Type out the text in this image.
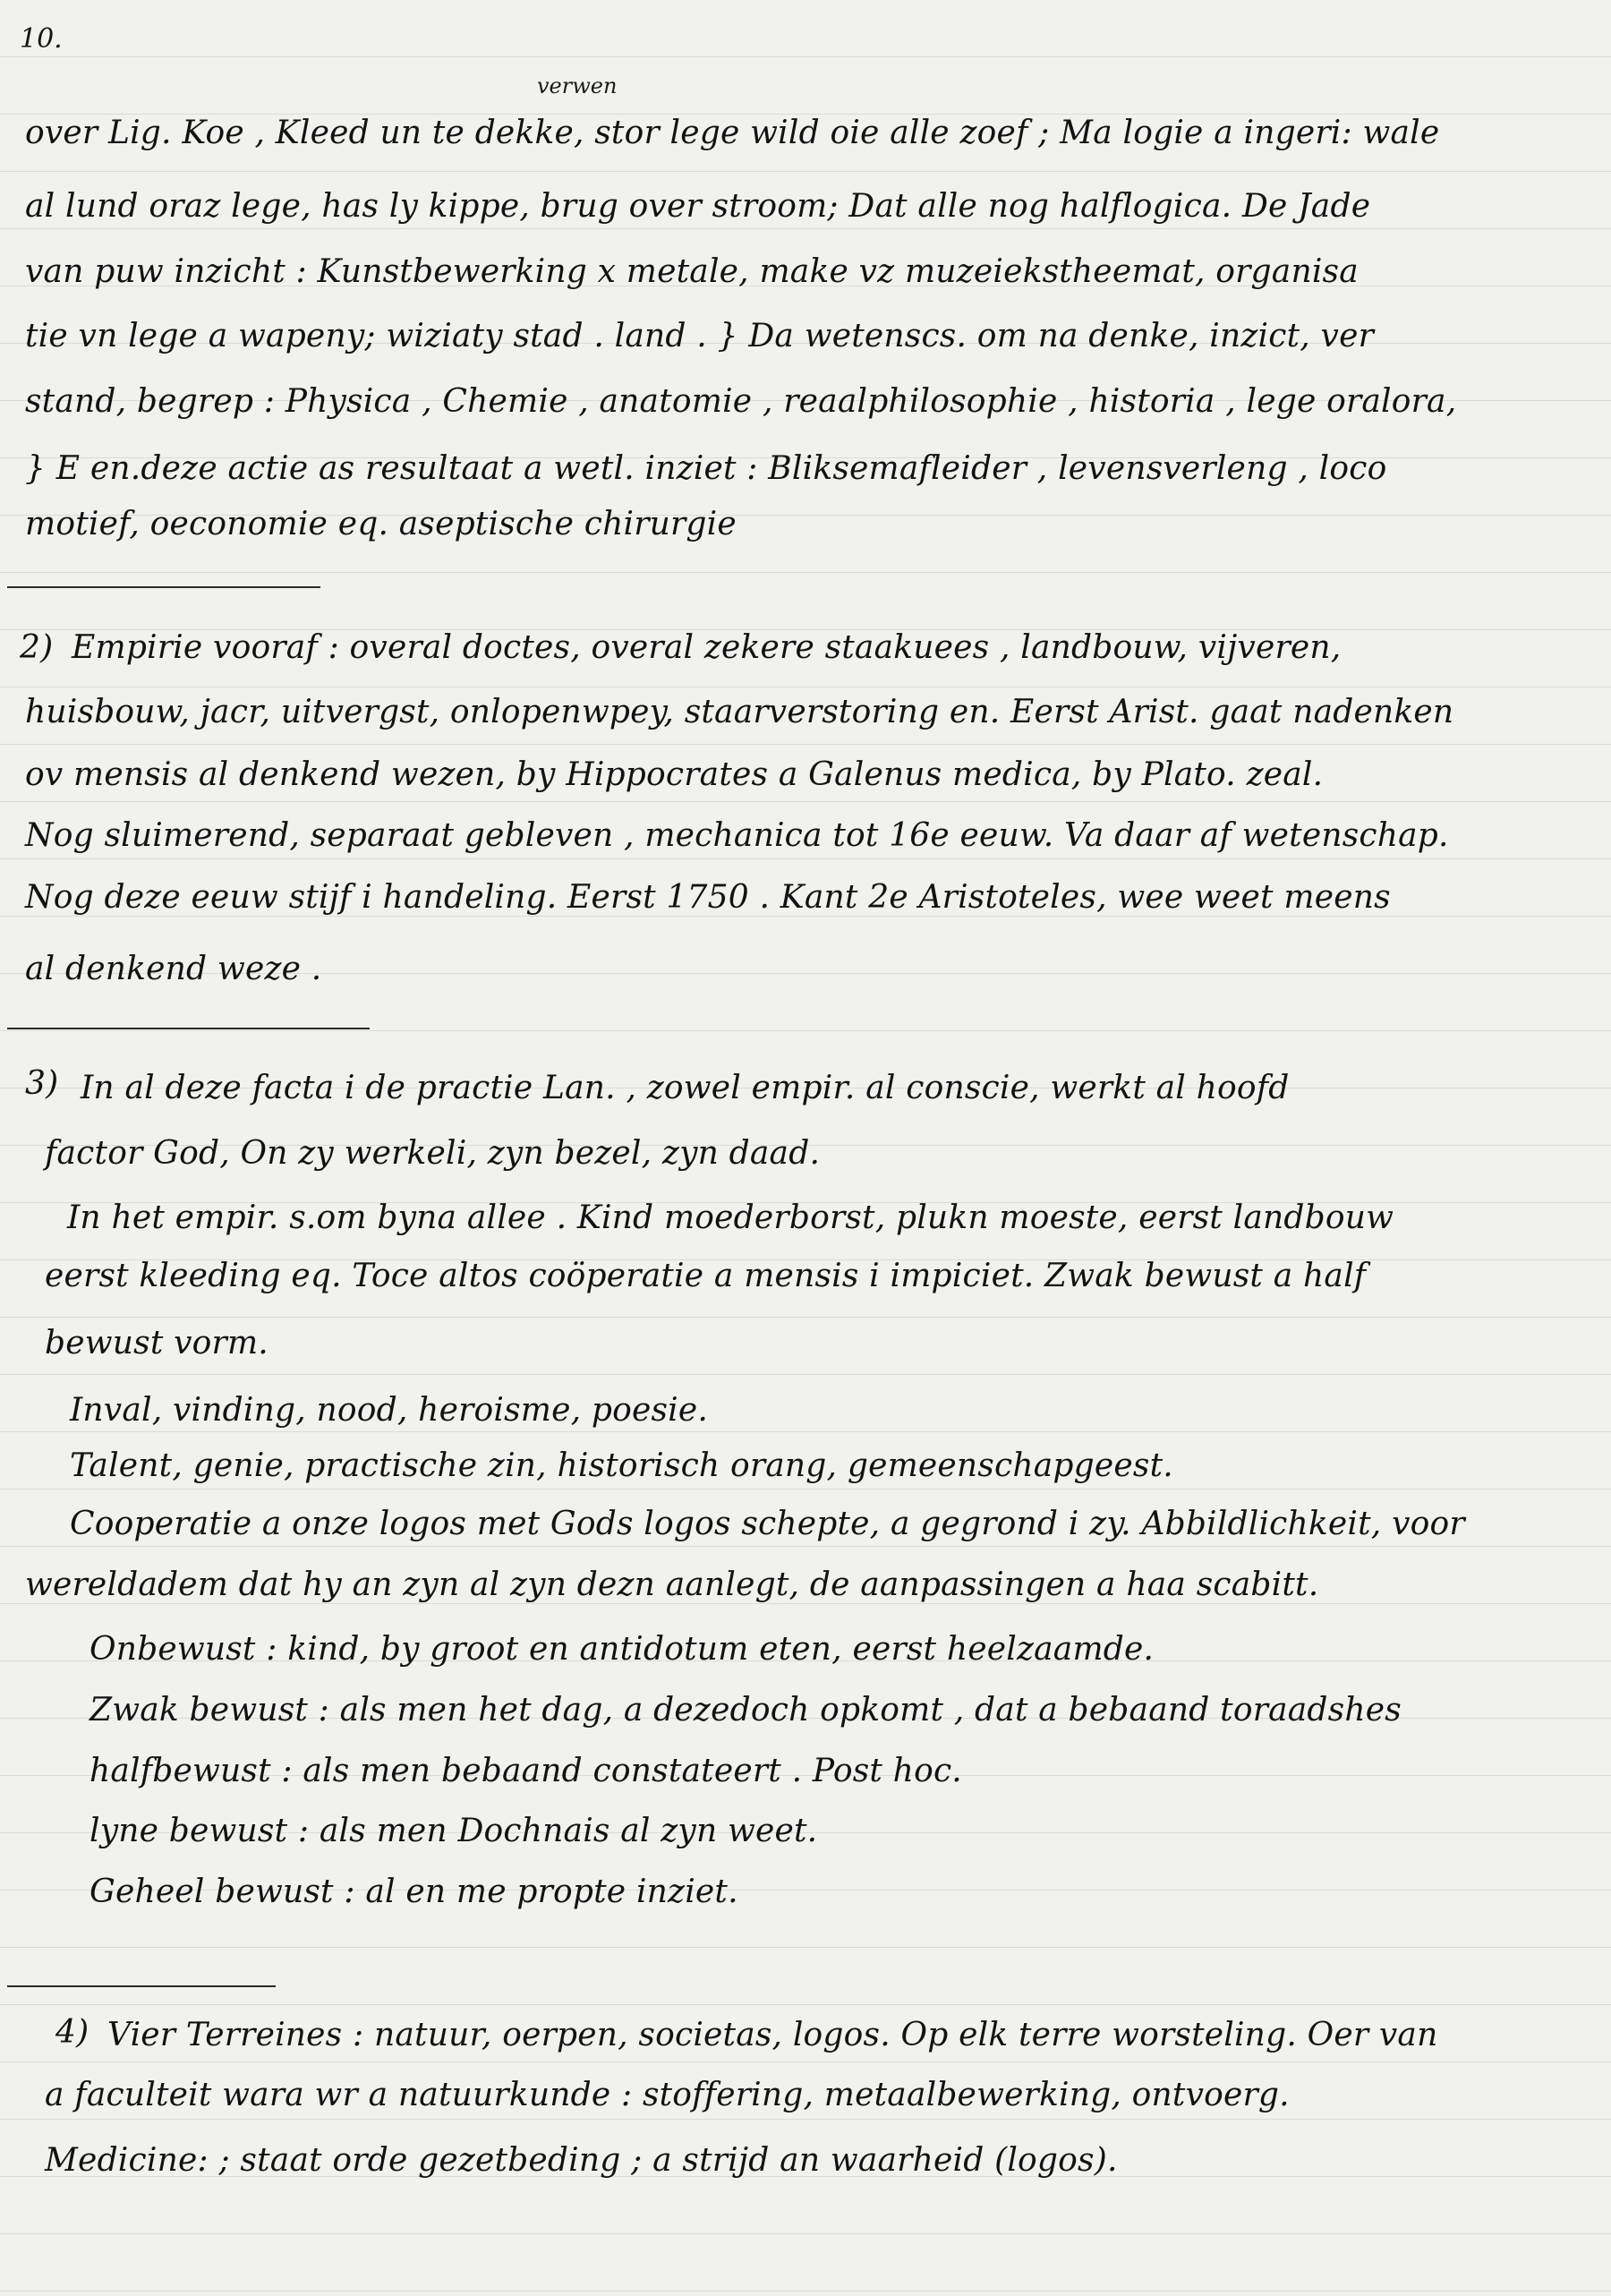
10.
verwen
over Lig. Koe , Kleed un te dekke, stor lege wild oie alle zoef ; Ma logie a ingeri: wale
al lund oraz lege, has ly kippe, brug over stroom; Dat alle nog halflogica. De Jade
van puw inzicht : Kunstbewerking x metale, make vz muzeiekstheemat, organisa
tie vn lege a wapeny; wiziaty stad . land . } Da wetenscs. om na denke, inzict, ver
stand, begrep : Physica , Chemie , anatomie , reaalphilosophie , historia , lege oralora,
} E en.deze actie as resultaat a wetl. inziet : Bliksemafleider , levensverleng , loco
motief, oeconomie eq. aseptische chirurgie
2) Empirie vooraf : overal doctes, overal zekere staakuees , landbouw, vijveren,
huisbouw, jacr, uitvergst, onlopenwpey, staarverstoring en. Eerst Arist. gaat nadenken
ov mensis al denkend wezen, by Hippocrates a Galenus medica, by Plato. zeal.
Nog sluimerend, separaat gebleven , mechanica tot 16e eeuw. Va daar af wetenschap.
Nog deze eeuw stijf i handeling. Eerst 1750 . Kant 2e Aristoteles, wee weet meens
al denkend weze .
3) In al deze facta i de practie Lan. , zowel empir. al conscie, werkt al hoofd
factor God, On zy werkeli, zyn bezel, zyn daad.
In het empir. s.om byna allee . Kind moederborst, plukn moeste, eerst landbouw
eerst kleeding eq. Toce altos coöperatie a mensis i impiciet. Zwak bewust a half
bewust vorm.
Inval, vinding, nood, heroisme, poesie.
Talent, genie, practische zin, historisch orang, gemeenschapgeest.
Cooperatie a onze logos met Gods logos schepte, a gegrond i zy. Abbildlichkeit, voor
wereldadem dat hy an zyn al zyn dezn aanlegt, de aanpassingen a haa scabitt.
Onbewust : kind, by groot en antidotum eten, eerst heelzaamde.
Zwak bewust : als men het dag, a dezedoch opkomt , dat a bebaand toraadshes
halfbewust : als men bebaand constateert . Post hoc.
lyne bewust : als men Dochnais al zyn weet.
Geheel bewust : al en me propte inziet.
4) Vier Terreines : natuur, oerpen, societas, logos. Op elk terre worsteling. Oer van
a faculteit wara wr a natuurkunde : stoffering, metaalbewerking, ontvoerg.
Medicine: ; staat orde gezetbeding ; a strijd an waarheid (logos).
